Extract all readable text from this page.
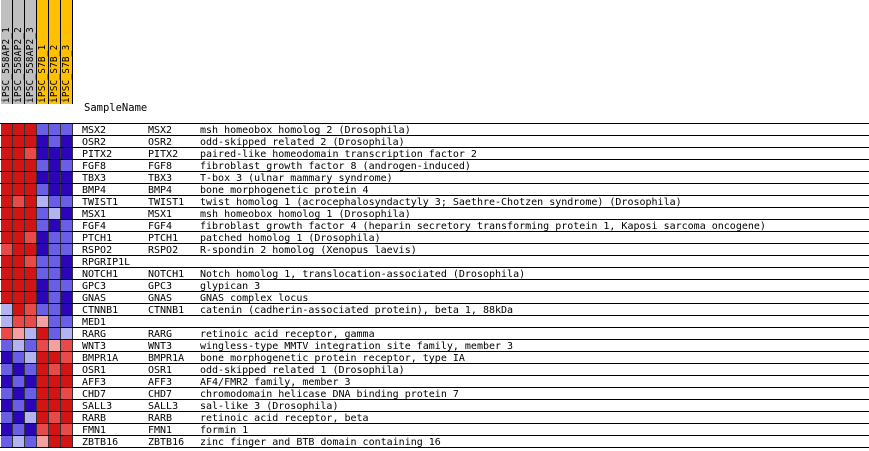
iPSC_558AP2_1 iPSC_558AP2_2 iPSC_558AP2_3 iPSC_S7B_1 iPSC_S7B_2 iPSC_S7B_3
SampleName
MSX2	MSX2	msh homeobox homolog 2 (Drosophila)
OSR2	OSR2	odd-skipped related 2 (Drosophila)
PITX2	PITX2 paired-like homeodomain transcription factor 2
FGF8	FGF8	fibroblast growth factor 8 (androgen-induced)
TBX3	TBX3	T-box 3 (ulnar mammary syndrome)
BMP4	BMP4	bone morphogenetic protein 4
TWIST1	TWIST1 twist homolog 1 (acrocephalosyndactyly 3; Saethre-Chotzen syndrome) (Drosophila)
MSX1	MSX1	msh homeobox homolog 1 (Drosophila)
FGF4	FGF4	fibroblast growth factor 4 (heparin secretory transforming protein 1, Kaposi sarcoma oncogene)
PTCH1	PTCH1 patched homolog 1 (Drosophila)
RSPO2	RSPO2 R-spondin 2 homolog (Xenopus laevis)
RPGRIP1L
NOTCH1	NOTCH1 Notch homolog 1, translocation-associated (Drosophila)
GPC3	GPC3	glypican 3
GNAS	GNAS	GNAS complex locus
CTNNB1	CTNNB1 catenin (cadherin-associated protein), beta 1, 88kDa
MED1
RARG	RARG	retinoic acid receptor, gamma
WNT3	WNT3	wingless-type MMTV integration site family, member 3
BMPR1A	BMPR1A bone morphogenetic protein receptor, type IA
OSR1	OSR1	odd-skipped related 1 (Drosophila)
AFF3	AFF3	AF4/FMR2 family, member 3
CHD7	CHD7	chromodomain helicase DNA binding protein 7
SALL3	SALL3 sal-like 3 (Drosophila)
RARB	RARB	retinoic acid receptor, beta
FMN1	FMN1	formin 1
ZBTB16	ZBTB16 zinc finger and BTB domain containing 16
